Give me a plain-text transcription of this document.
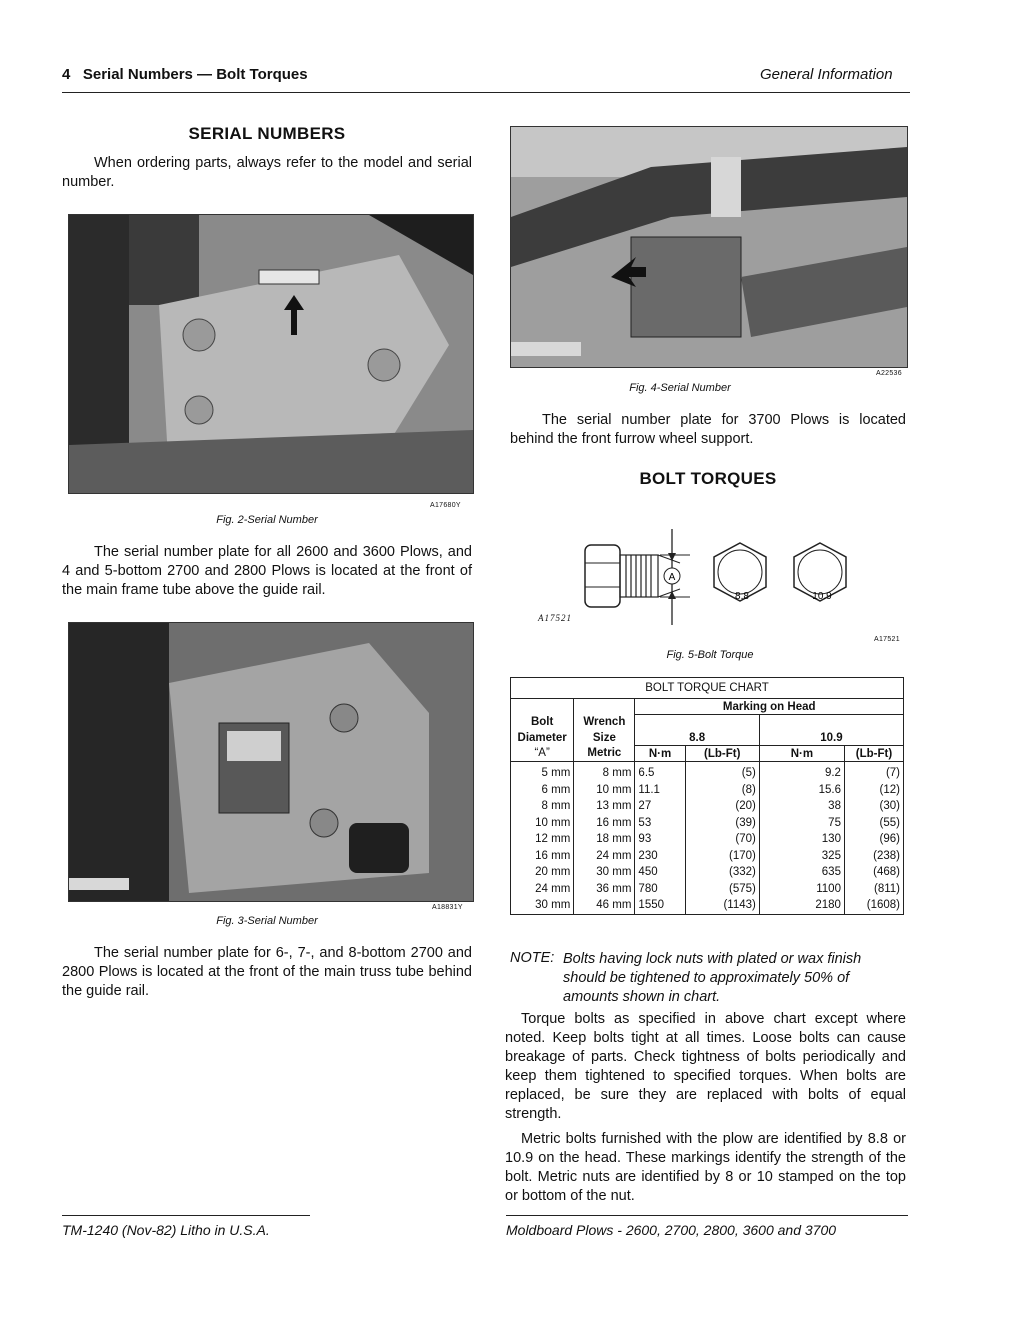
4   Serial Numbers — Bolt Torques	General Information
SERIAL NUMBERS
When ordering parts, always refer to the model and serial number.
A17680Y
Fig. 2-Serial Number
The serial number plate for all 2600 and 3600 Plows, and 4 and 5-bottom 2700 and 2800 Plows is located at the front of the main frame tube above the guide rail.
A18831Y
Fig. 3-Serial Number
The serial number plate for 6-, 7-, and 8-bottom 2700 and 2800 Plows is located at the front of the main truss tube behind the guide rail.
TM-1240 (Nov-82) Litho in U.S.A.
A22536
Fig. 4-Serial Number
The serial number plate for 3700 Plows is located behind the front furrow wheel support.
BOLT TORQUES
A
8.8	10.9
A17521
A17521
Fig. 5-Bolt Torque
BOLT TORQUE CHART					
		Marking on Head			
Bolt	Wrench				
Diameter	Size	8.8		10.9	
“A”	Metric	N·m	(Lb-Ft)	N·m	(Lb-Ft)
5 mm	8 mm	6.5	(5)	9.2	(7)
6 mm	10 mm	11.1	(8)	15.6	(12)
8 mm	13 mm	27	(20)	38	(30)
10 mm	16 mm	53	(39)	75	(55)
12 mm	18 mm	93	(70)	130	(96)
16 mm	24 mm	230	(170)	325	(238)
20 mm	30 mm	450	(332)	635	(468)
24 mm	36 mm	780	(575)	1100	(811)
30 mm	46 mm	1550	(1143)	2180	(1608)
NOTE: Bolts having lock nuts with plated or wax finish should be tightened to approximately 50% of amounts shown in chart.
Torque bolts as specified in above chart except where noted. Keep bolts tight at all times. Loose bolts can cause breakage of parts. Check tightness of bolts periodically and keep them tightened to specified torques. When bolts are replaced, be sure they are replaced with bolts of equal strength.
Metric bolts furnished with the plow are identified by 8.8 or 10.9 on the head. These markings identify the strength of the bolt. Metric nuts are identified by 8 or 10 stamped on the top or bottom of the nut.
Moldboard Plows - 2600, 2700, 2800, 3600 and 3700
